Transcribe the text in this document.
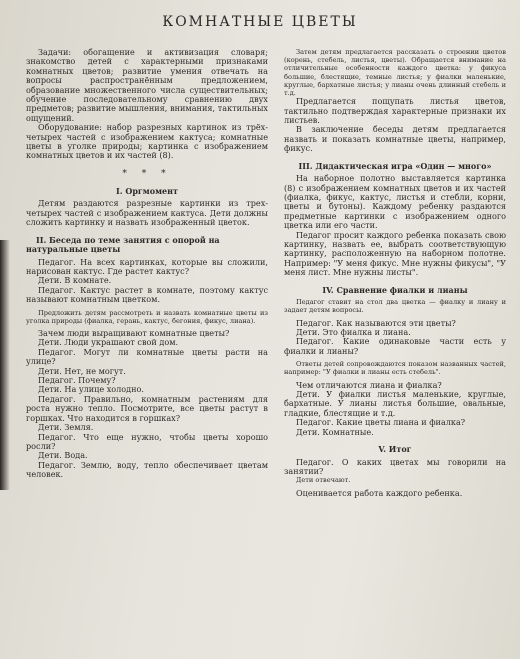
КОМНАТНЫЕ ЦВЕТЫ

Задачи: обогащение и активизация словаря; знакомство детей с характерными признаками комнатных цветов; развитие умения отвечать на вопросы распространённым предложением, образование множественного числа существительных; обучение последовательному сравнению двух предметов; развитие мышления, внимания, тактильных ощущений.

Оборудование: набор разрезных картинок из трёх-четырех частей с изображением кактуса; комнатные цветы в уголке природы; картинка с изображением комнатных цветов и их частей (8).

* * *
I. Оргмомент

Детям раздаются разрезные картинки из трех-четырех частей с изображением кактуса. Дети должны сложить картинку и назвать изображенный цветок.

II. Беседа по теме занятия с опорой на натуральные цветы

Педагог. На всех картинках, которые вы сложили, нарисован кактус. Где растет кактус?

Дети. В комнате.

Педагог. Кактус растет в комнате, поэтому кактус называют комнатным цветком.

Предложить детям рассмотреть и назвать комнатные цветы из уголка природы (фиалка, герань, кактус, бегония, фикус, лиана).

Зачем люди выращивают комнатные цветы?

Дети. Люди украшают свой дом.

Педагог. Могут ли комнатные цветы расти на улице?

Дети. Нет, не могут.

Педагог. Почему?

Дети. На улице холодно.

Педагог. Правильно, комнатным растениям для роста нужно тепло. Посмотрите, все цветы растут в горшках. Что находится в горшках?

Дети. Земля.

Педагог. Что еще нужно, чтобы цветы хорошо росли?

Дети. Вода.

Педагог. Землю, воду, тепло обеспечивает цветам человек.

Затем детям предлагается рассказать о строении цветов (корень, стебель, листья, цветы). Обращается внимание на отличительные особенности каждого цветка: у фикуса большие, блестящие, темные листья; у фиалки маленькие, круглые, бархатные листья; у лианы очень длинный стебель и т.д.

Предлагается пощупать листья цветов, тактильно подтверждая характерные признаки их листьев.

В заключение беседы детям предлагается назвать и показать комнатные цветы, например, фикус.

III. Дидактическая игра «Один — много»

На наборное полотно выставляется картинка (8) с изображением комнатных цветов и их частей (фиалка, фикус, кактус, листья и стебли, корни, цветы и бутоны). Каждому ребенку раздаются предметные картинки с изображением одного цветка или его части.

Педагог просит каждого ребенка показать свою картинку, назвать ее, выбрать соответствующую картинку, расположенную на наборном полотне. Например: "У меня фикус. Мне нужны фикусы", "У меня лист. Мне нужны листы".

IV. Сравнение фиалки и лианы

Педагог ставит на стол два цветка — фиалку и лиану и задает детям вопросы.

Педагог. Как называются эти цветы?

Дети. Это фиалка и лиана.

Педагог. Какие одинаковые части есть у фиалки и лианы?

Ответы детей сопровождаются показом названных частей, например: "У фиалки и лианы есть стебель".

Чем отличаются лиана и фиалка?

Дети. У фиалки листья маленькие, круглые, бархатные. У лианы листья большие, овальные, гладкие, блестящие и т.д.

Педагог. Какие цветы лиана и фиалка?

Дети. Комнатные.

V. Итог

Педагог. О каких цветах мы говорили на занятии?

Дети отвечают.

Оценивается работа каждого ребенка.
